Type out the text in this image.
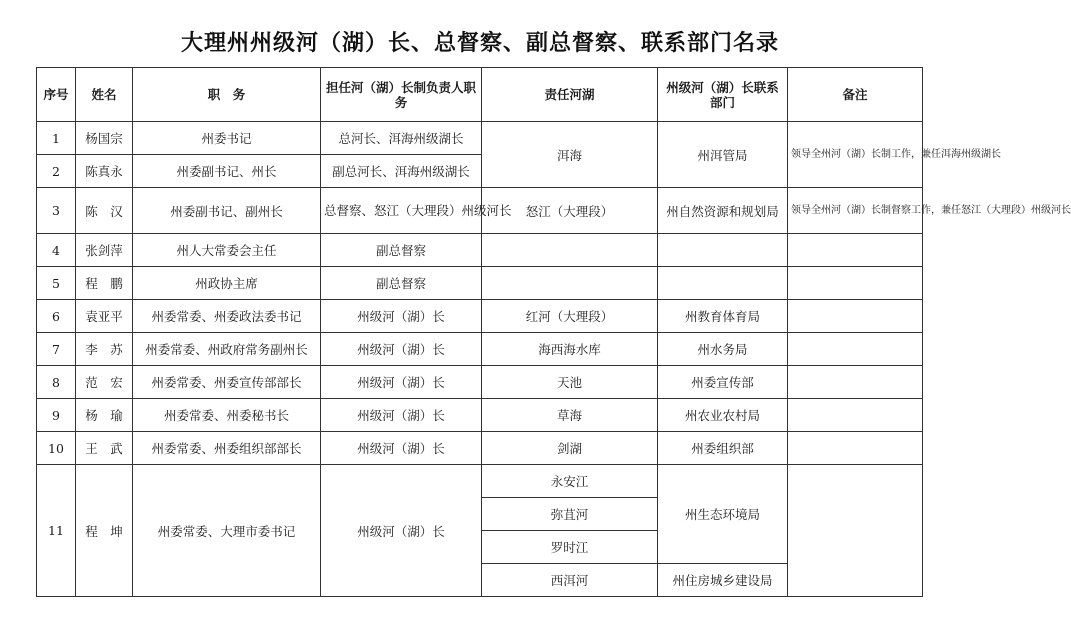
大理州州级河（湖）长、总督察、副总督察、联系部门名录
序号	姓名	职　务	担任河（湖）长制负责人职务	责任河湖	州级河（湖）长联系部门	备注
1	杨国宗	州委书记	总河长、洱海州级湖长	洱海	州洱管局	领导全州河（湖）长制工作，兼任洱海州级湖长
2	陈真永	州委副书记、州长	副总河长、洱海州级湖长			
3	陈　汉	州委副书记、副州长	总督察、怒江（大理段）州级河长	怒江（大理段）	州自然资源和规划局	领导全州河（湖）长制督察工作，兼任怒江（大理段）州级河长
4	张剑萍	州人大常委会主任	副总督察			
5	程　鹏	州政协主席	副总督察			
6	袁亚平	州委常委、州委政法委书记	州级河（湖）长	红河（大理段）	州教育体育局	
7	李　苏	州委常委、州政府常务副州长	州级河（湖）长	海西海水库	州水务局	
8	范　宏	州委常委、州委宣传部部长	州级河（湖）长	天池	州委宣传部	
9	杨　瑜	州委常委、州委秘书长	州级河（湖）长	草海	州农业农村局	
10	王　武	州委常委、州委组织部部长	州级河（湖）长	剑湖	州委组织部	
11	程　坤	州委常委、大理市委书记	州级河（湖）长	永安江	州生态环境局	
				弥苴河		
				罗时江		
				西洱河	州住房城乡建设局	
